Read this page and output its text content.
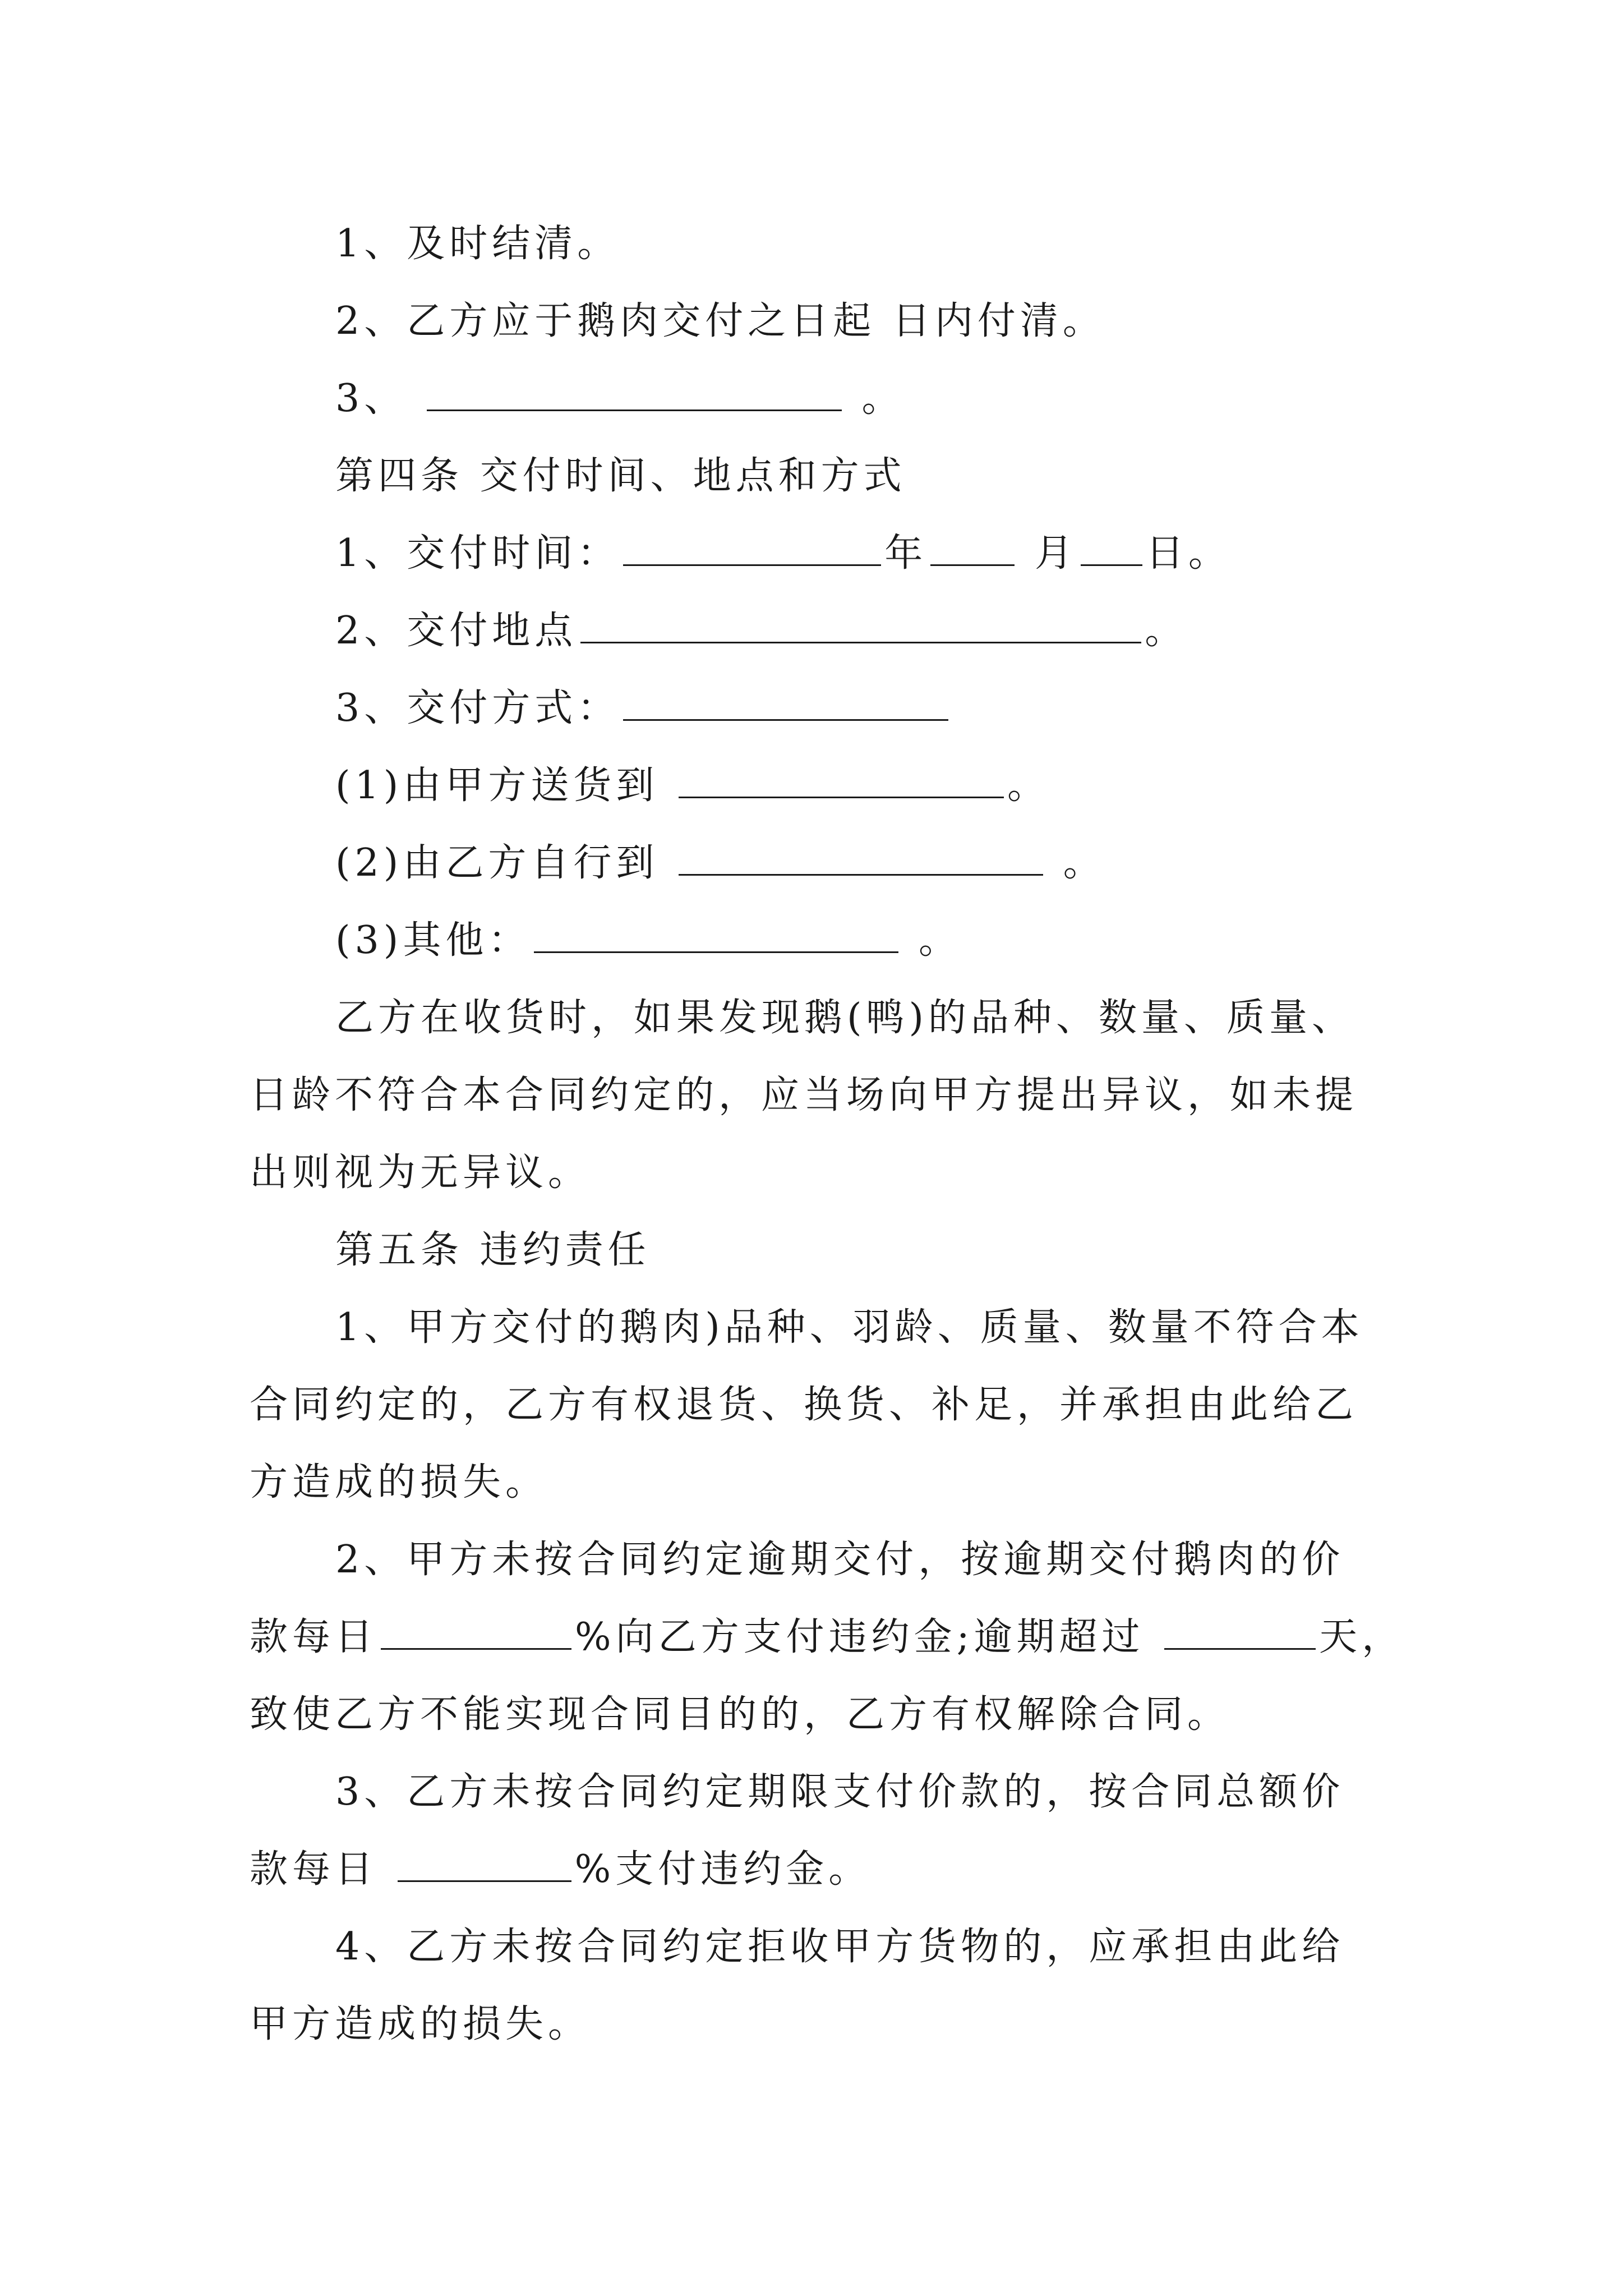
1、及时结清。
2、乙方应于鹅肉交付之日起 日内付清。
3、	。
第四条 交付时间、地点和方式
1、交付时间：	年 月 日。
2、交付地点	。
3、交付方式：
(1)由甲方送货到	。
(2)由乙方自行到	。
(3)其他：	。
乙方在收货时，如果发现鹅(鸭)的品种、数量、质量、
日龄不符合本合同约定的，应当场向甲方提出异议，如未提
出则视为无异议。
第五条 违约责任
1、甲方交付的鹅肉)品种、羽龄、质量、数量不符合本
合同约定的，乙方有权退货、换货、补足，并承担由此给乙
方造成的损失。
2、甲方未按合同约定逾期交付，按逾期交付鹅肉的价
款每日	%向乙方支付违约金;逾期超过	天，
致使乙方不能实现合同目的的，乙方有权解除合同。
3、乙方未按合同约定期限支付价款的，按合同总额价
款每日	%支付违约金。
4、乙方未按合同约定拒收甲方货物的，应承担由此给
甲方造成的损失。
